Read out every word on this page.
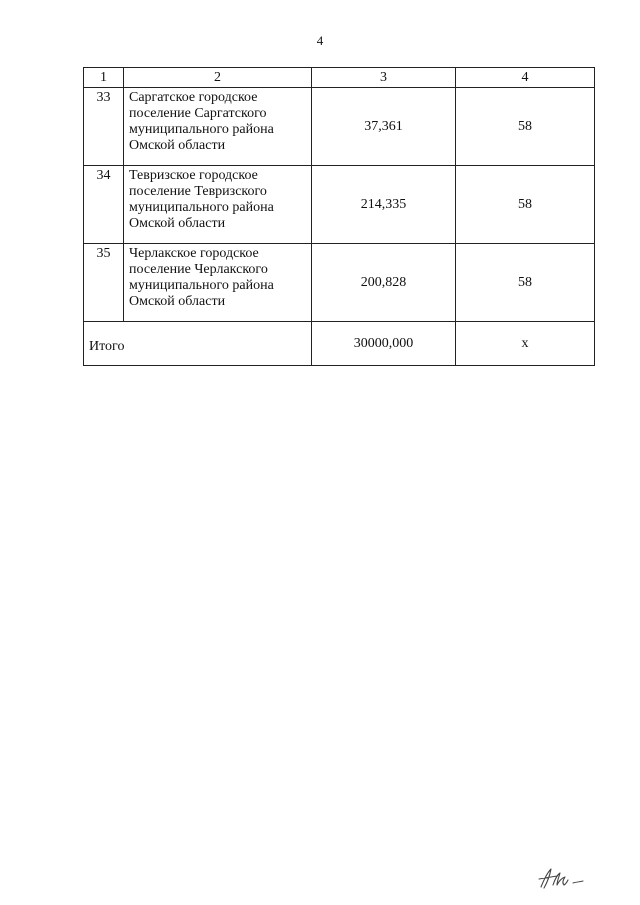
4
1	2	3	4
33	Саргатское городское
поселение Саргатского
муниципального района
Омской области	37,361	58
34	Тевризское городское
поселение Тевризского
муниципального района
Омской области	214,335	58
35	Черлакское городское
поселение Черлакского
муниципального района
Омской области	200,828	58
Итого		30000,000	х
